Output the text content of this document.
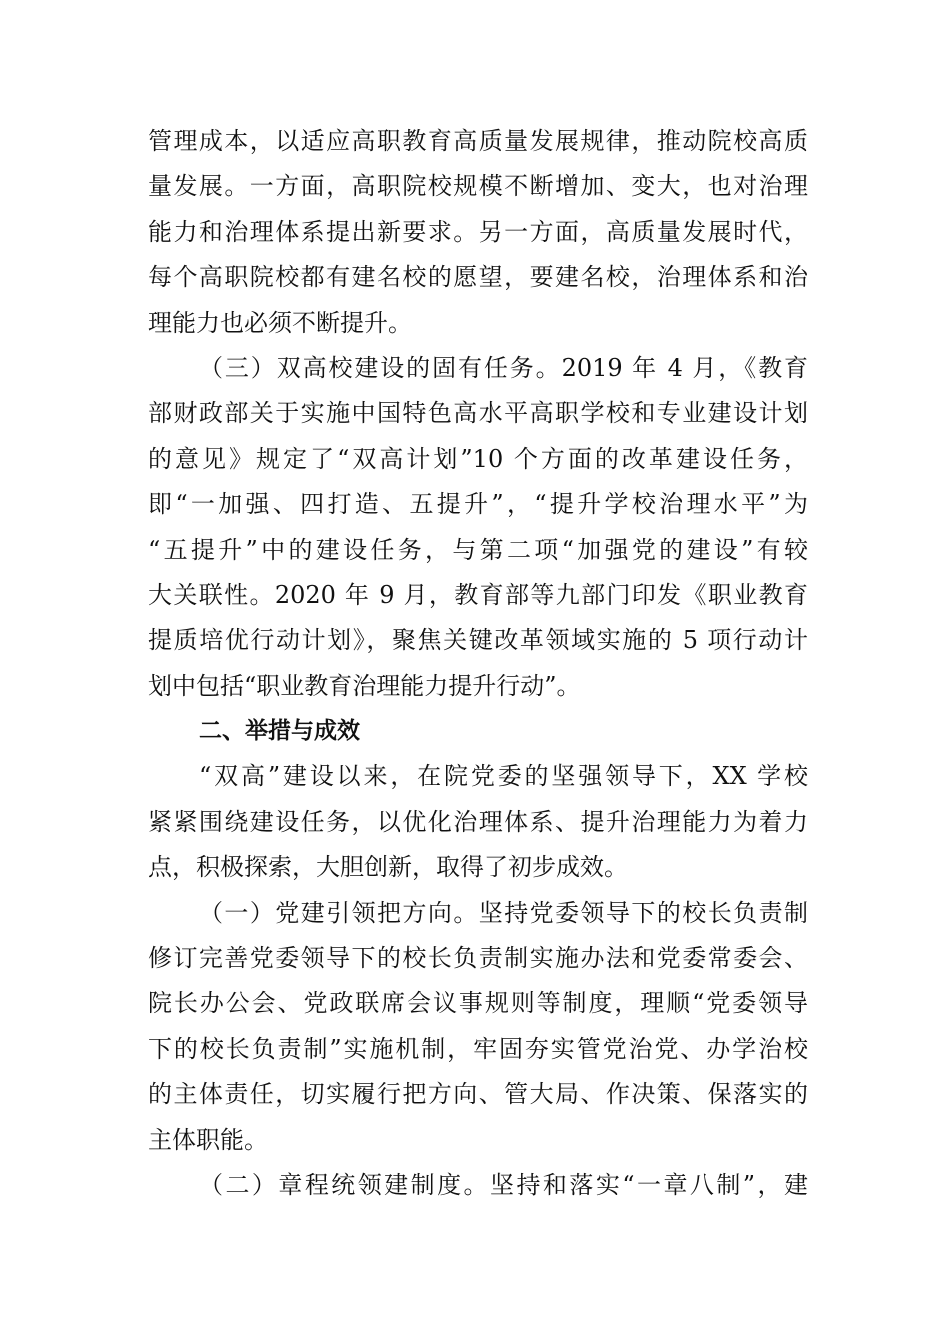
管理成本，以适应高职教育高质量发展规律，推动院校高质
量发展。一方面，高职院校规模不断增加、变大，也对治理
能力和治理体系提出新要求。另一方面，高质量发展时代，
每个高职院校都有建名校的愿望，要建名校，治理体系和治
理能力也必须不断提升。
（三）双高校建设的固有任务。2019 年 4 月，《教育
部财政部关于实施中国特色高水平高职学校和专业建设计划
的意见》规定了“双高计划”10 个方面的改革建设任务，
即“一加强、四打造、五提升”，“提升学校治理水平”为
“五提升”中的建设任务，与第二项“加强党的建设”有较
大关联性。2020 年 9 月，教育部等九部门印发《职业教育
提质培优行动计划》，聚焦关键改革领域实施的 5 项行动计
划中包括“职业教育治理能力提升行动”。
二、举措与成效
“双高”建设以来，在院党委的坚强领导下，XX 学校
紧紧围绕建设任务，以优化治理体系、提升治理能力为着力
点，积极探索，大胆创新，取得了初步成效。
（一）党建引领把方向。坚持党委领导下的校长负责制
修订完善党委领导下的校长负责制实施办法和党委常委会、
院长办公会、党政联席会议事规则等制度，理顺“党委领导
下的校长负责制”实施机制，牢固夯实管党治党、办学治校
的主体责任，切实履行把方向、管大局、作决策、保落实的
主体职能。
（二）章程统领建制度。坚持和落实“一章八制”，建
